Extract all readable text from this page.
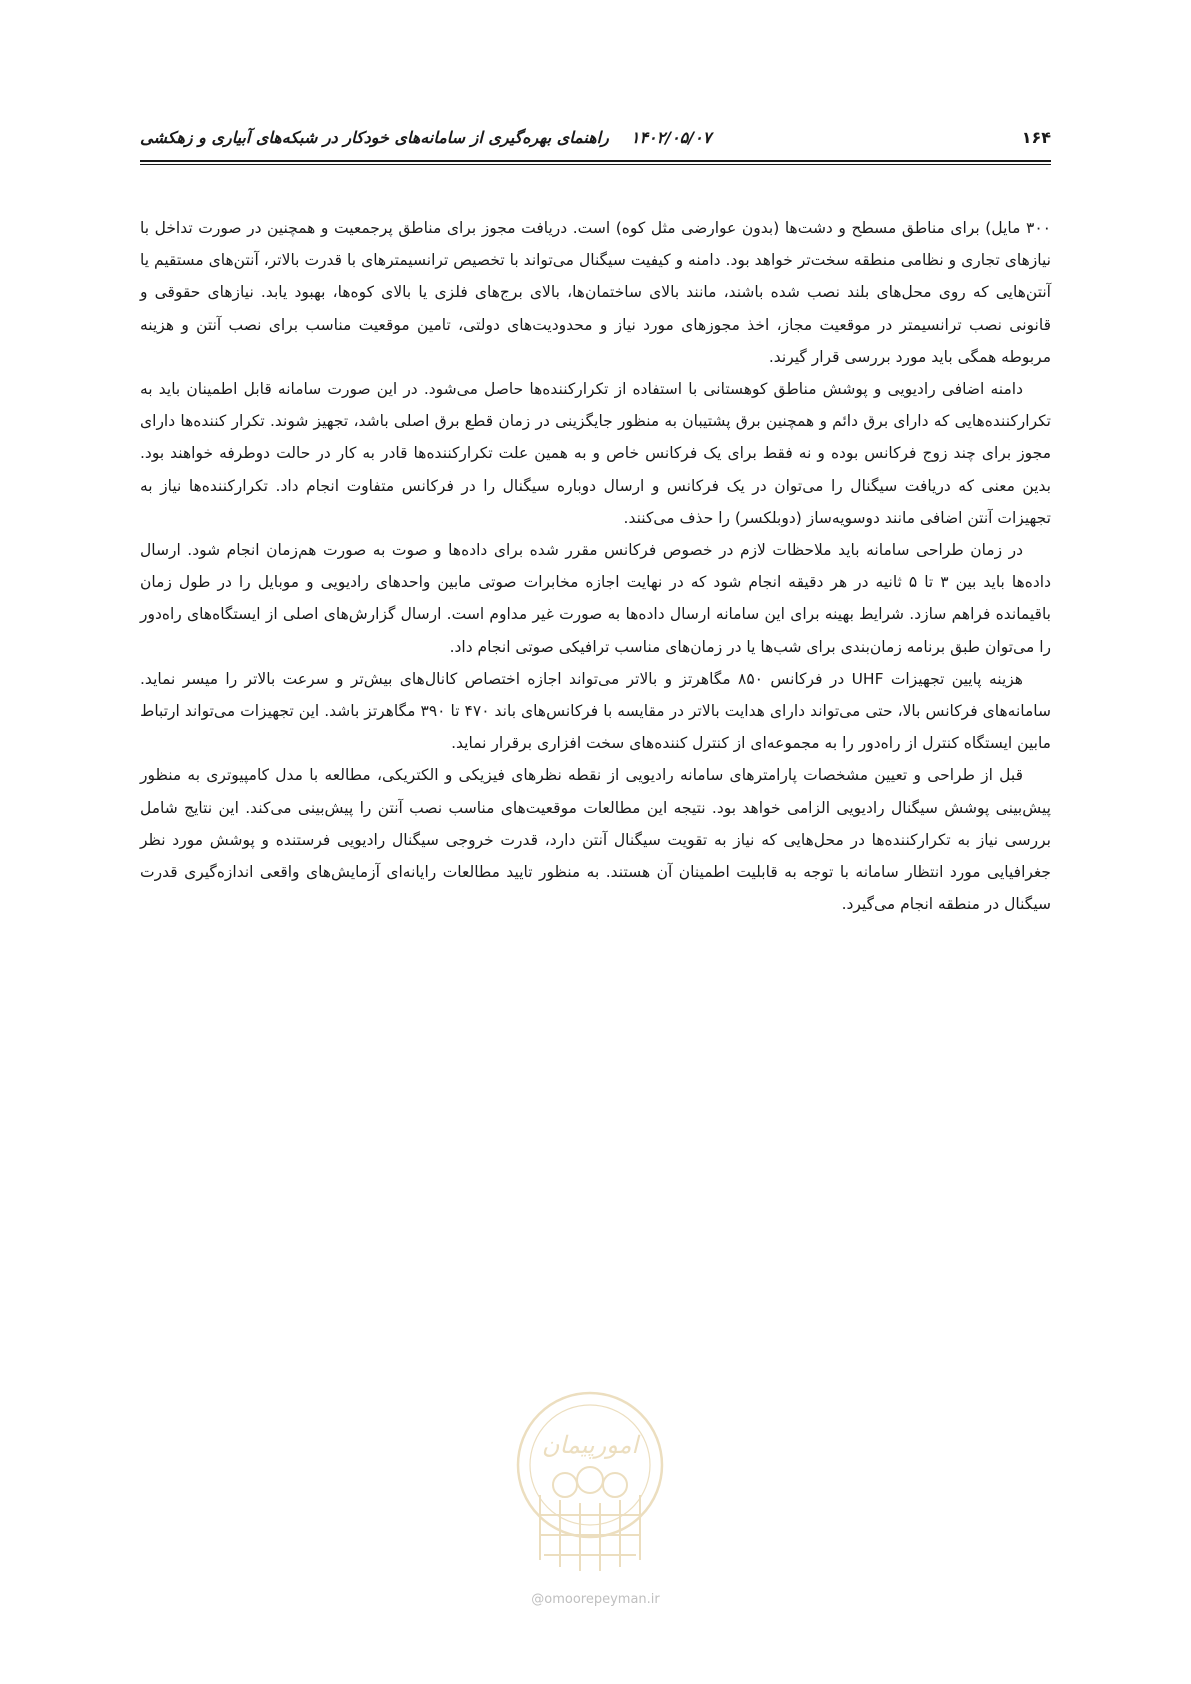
۱۶۴
۱۴۰۲/۰۵/۰۷راهنمای بهره‌گیری از سامانه‌های خودکار در شبکه‌های آبیاری و زهکشی

۳۰۰ مایل) برای مناطق مسطح و دشت‌ها (بدون عوارضی مثل کوه) است. دریافت مجوز برای مناطق پرجمعیت و همچنین در صورت تداخل با نیازهای تجاری و نظامی منطقه سخت‌تر خواهد بود. دامنه و کیفیت سیگنال می‌تواند با تخصیص ترانسیمترهای با قدرت بالاتر، آنتن‌های مستقیم یا آنتن‌هایی که روی محل‌های بلند نصب شده باشند، مانند بالای ساختمان‌ها، بالای برج‌های فلزی یا بالای کوه‌ها، بهبود یابد. نیازهای حقوقی و قانونی نصب ترانسیمتر در موقعیت مجاز، اخذ مجوزهای مورد نیاز و محدودیت‌های دولتی، تامین موقعیت مناسب برای نصب آنتن و هزینه مربوطه همگی باید مورد بررسی قرار گیرند.

دامنه اضافی رادیویی و پوشش مناطق کوهستانی با استفاده از تکرارکننده‌ها حاصل می‌شود. در این صورت سامانه قابل اطمینان باید به تکرارکننده‌هایی که دارای برق دائم و همچنین برق پشتیبان به منظور جایگزینی در زمان قطع برق اصلی باشد، تجهیز شوند. تکرار کننده‌ها دارای مجوز برای چند زوج فرکانس بوده و نه فقط برای یک فرکانس خاص و به همین علت تکرارکننده‌ها قادر به کار در حالت دوطرفه خواهند بود. بدین معنی که دریافت سیگنال را می‌توان در یک فرکانس و ارسال دوباره سیگنال را در فرکانس متفاوت انجام داد. تکرارکننده‌ها نیاز به تجهیزات آنتن اضافی مانند دوسویه‌ساز (دوبلکسر) را حذف می‌کنند.

در زمان طراحی سامانه باید ملاحظات لازم در خصوص فرکانس مقرر شده برای داده‌ها و صوت به صورت هم‌زمان انجام شود. ارسال داده‌ها باید بین ۳ تا ۵ ثانیه در هر دقیقه انجام شود که در نهایت اجازه مخابرات صوتی مابین واحدهای رادیویی و موبایل را در طول زمان باقیمانده فراهم سازد. شرایط بهینه برای این سامانه ارسال داده‌ها به صورت غیر مداوم است. ارسال گزارش‌های اصلی از ایستگاه‌های راه‌دور را می‌توان طبق برنامه زمان‌بندی برای شب‌ها یا در زمان‌های مناسب ترافیکی صوتی انجام داد.

هزینه پایین تجهیزات UHF در فرکانس ۸۵۰ مگاهرتز و بالاتر می‌تواند اجازه اختصاص کانال‌های بیش‌تر و سرعت بالاتر را میسر نماید. سامانه‌های فرکانس بالا، حتی می‌تواند دارای هدایت بالاتر در مقایسه با فرکانس‌های باند ۴۷۰ تا ۳۹۰ مگاهرتز باشد. این تجهیزات می‌تواند ارتباط مابین ایستگاه کنترل از راه‌دور را به مجموعه‌ای از کنترل کننده‌های سخت افزاری برقرار نماید.

قبل از طراحی و تعیین مشخصات پارامترهای سامانه رادیویی از نقطه نظرهای فیزیکی و الکتریکی، مطالعه با مدل کامپیوتری به منظور پیش‌بینی پوشش سیگنال رادیویی الزامی خواهد بود. نتیجه این مطالعات موقعیت‌های مناسب نصب آنتن را پیش‌بینی می‌کند. این نتایج شامل بررسی نیاز به تکرارکننده‌ها در محل‌هایی که نیاز به تقویت سیگنال آنتن دارد، قدرت خروجی سیگنال رادیویی فرستنده و پوشش مورد نظر جغرافیایی مورد انتظار سامانه با توجه به قابلیت اطمینان آن هستند. به منظور تایید مطالعات رایانه‌ای آزمایش‌های واقعی اندازه‌گیری قدرت سیگنال در منطقه انجام می‌گیرد.

امورپیمان
@omoorepeyman.ir
